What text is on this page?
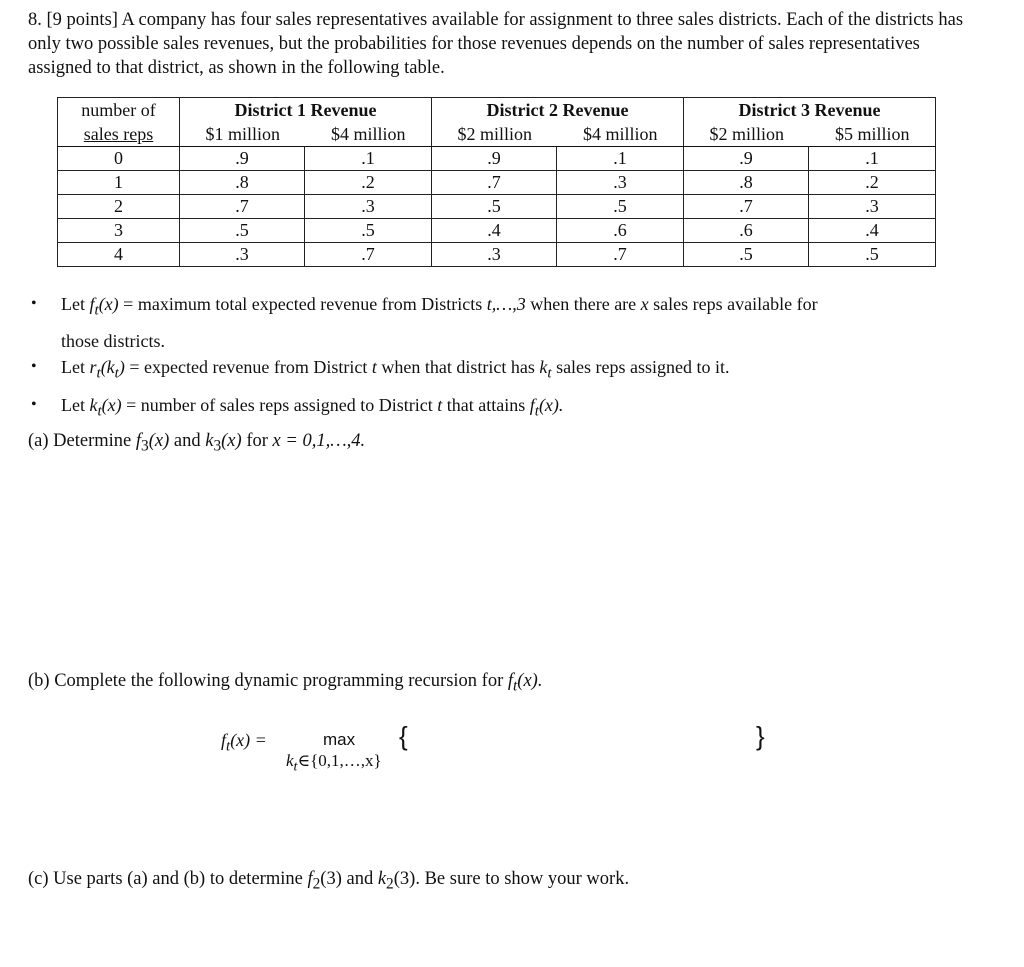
8. [9 points] A company has four sales representatives available for assignment to three sales districts. Each of the districts has only two possible sales revenues, but the probabilities for those revenues depends on the number of sales representatives assigned to that district, as shown in the following table.
number of	District 1 Revenue		District 2 Revenue		District 3 Revenue	
sales reps	$1 million $4 million		$2 million $4 million		$2 million $5 million	

0	.9	.1	.9	.1	.9	.1
1	.8	.2	.7	.3	.8	.2
2	.7	.3	.5	.5	.7	.3
3	.5	.5	.4	.6	.6	.4
4	.3	.7	.3	.7	.5	.5
• Let $f_t(x)$ = maximum total expected revenue from Districts t,…,3 when there are x sales reps available for
those districts.
• Let $r_t(k_t)$ = expected revenue from District t when that district has $k_t$ sales reps assigned to it.
• Let $k_t(x)$ = number of sales reps assigned to District t that attains $f_t(x)$.
(a) Determine $f_3(x)$ and $k_3(x)$ for x = 0,1,…,4.
(b) Complete the following dynamic programming recursion for $f_t(x)$.
$f_t(x)$ =	max
$k_t\in\{0,1,\dots,x\}$
{	}
(c) Use parts (a) and (b) to determine $f_2(3)$ and $k_2(3)$. Be sure to show your work.
